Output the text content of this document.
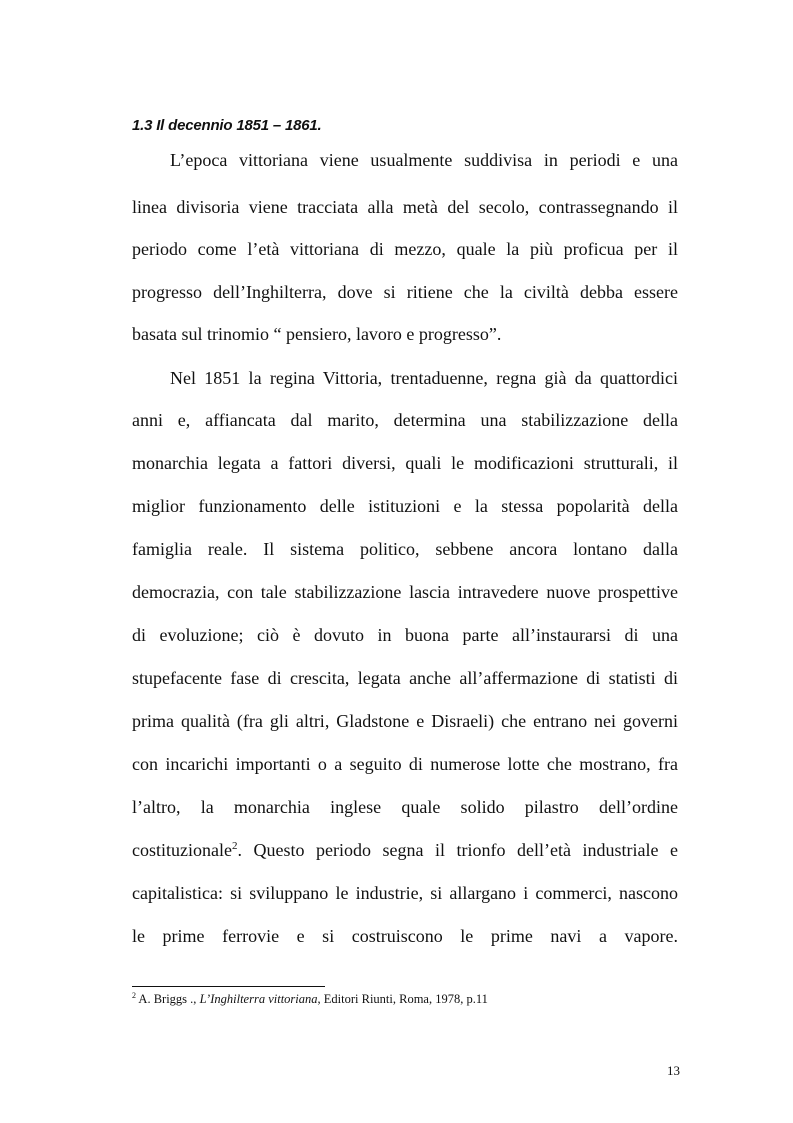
1.3 Il decennio 1851 – 1861.
L’epoca vittoriana viene usualmente suddivisa in periodi e una
linea divisoria viene tracciata alla metà del secolo, contrassegnando il
periodo come l’età vittoriana di mezzo, quale la più proficua per il
progresso dell’Inghilterra, dove si ritiene che la civiltà debba essere
basata sul trinomio “ pensiero, lavoro e progresso”.
Nel 1851 la regina Vittoria, trentaduenne, regna già da quattordici
anni e, affiancata dal marito, determina una stabilizzazione della
monarchia legata a fattori diversi, quali le modificazioni strutturali, il
miglior funzionamento delle istituzioni e la stessa popolarità della
famiglia reale. Il sistema politico, sebbene ancora lontano dalla
democrazia, con tale stabilizzazione lascia intravedere nuove prospettive
di evoluzione; ciò è dovuto in buona parte all’instaurarsi di una
stupefacente fase di crescita, legata anche all’affermazione di statisti di
prima qualità (fra gli altri, Gladstone e Disraeli) che entrano nei governi
con incarichi importanti o a seguito di numerose lotte che mostrano, fra
l’altro, la monarchia inglese quale solido pilastro dell’ordine
costituzionale$^2$. Questo periodo segna il trionfo dell’età industriale e
capitalistica: si sviluppano le industrie, si allargano i commerci, nascono
le prime ferrovie e si costruiscono le prime navi a vapore.
$^2$ A. Briggs ., L’Inghilterra vittoriana, Editori Riunti, Roma, 1978, p.11
13
